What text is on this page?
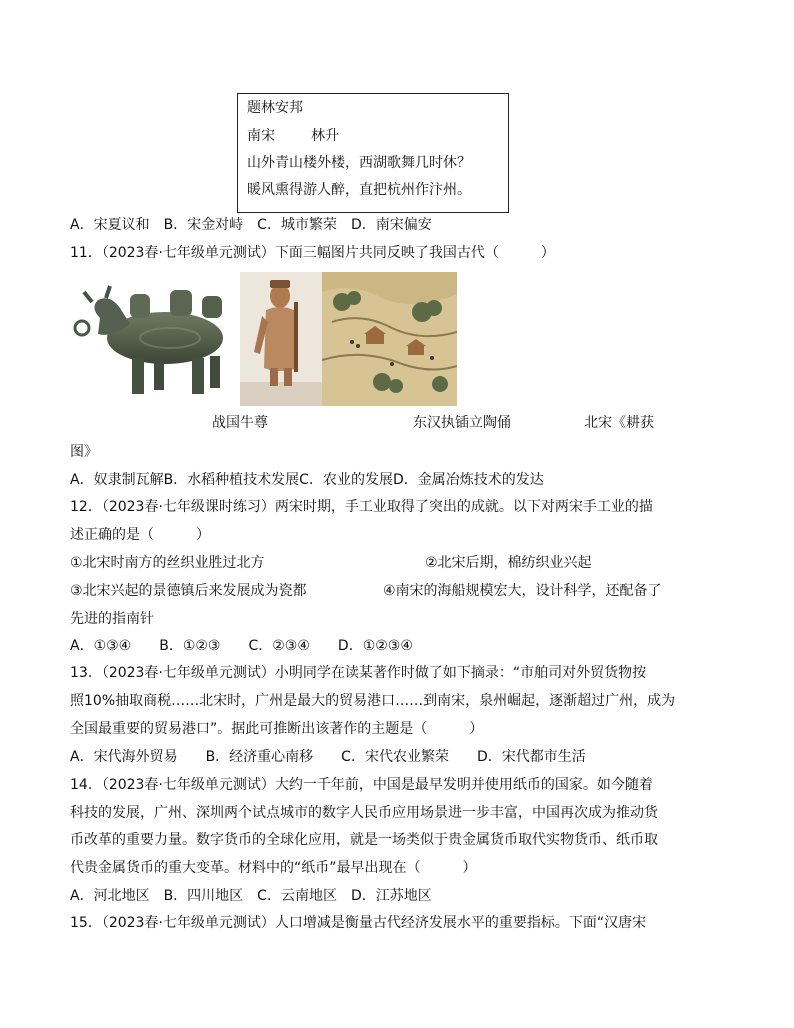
题林安邦
南宋	林升
山外青山楼外楼，西湖歌舞几时休？
暖风熏得游人醉，直把杭州作汴州。
A．宋夏议和　B．宋金对峙　C．城市繁荣　D．南宋偏安
11．（2023春·七年级单元测试）下面三幅图片共同反映了我国古代（　　　）
战国牛尊	东汉执锸立陶俑	北宋《耕获
图》
A．奴隶制瓦解B．水稻种植技术发展C．农业的发展D．金属冶炼技术的发达
12．（2023春·七年级课时练习）两宋时期，手工业取得了突出的成就。以下对两宋手工业的描
述正确的是（　　　）
①北宋时南方的丝织业胜过北方	②北宋后期，棉纺织业兴起
③北宋兴起的景德镇后来发展成为瓷都	④南宋的海船规模宏大，设计科学，还配备了
先进的指南针
A．①③④　　B．①②③　　C．②③④　　D．①②③④
13．（2023春·七年级单元测试）小明同学在读某著作时做了如下摘录：“市舶司对外贸货物按
照10%抽取商税……北宋时，广州是最大的贸易港口……到南宋，泉州崛起，逐渐超过广州，成为
全国最重要的贸易港口”。据此可推断出该著作的主题是（　　　）
A．宋代海外贸易　　B．经济重心南移　　C．宋代农业繁荣　　D．宋代都市生活
14．（2023春·七年级单元测试）大约一千年前，中国是最早发明并使用纸币的国家。如今随着
科技的发展，广州、深圳两个试点城市的数字人民币应用场景进一步丰富，中国再次成为推动货
币改革的重要力量。数字货币的全球化应用，就是一场类似于贵金属货币取代实物货币、纸币取
代贵金属货币的重大变革。材料中的“纸币”最早出现在（　　　）
A．河北地区　B．四川地区　C．云南地区　D．江苏地区
15．（2023春·七年级单元测试）人口增减是衡量古代经济发展水平的重要指标。下面“汉唐宋
